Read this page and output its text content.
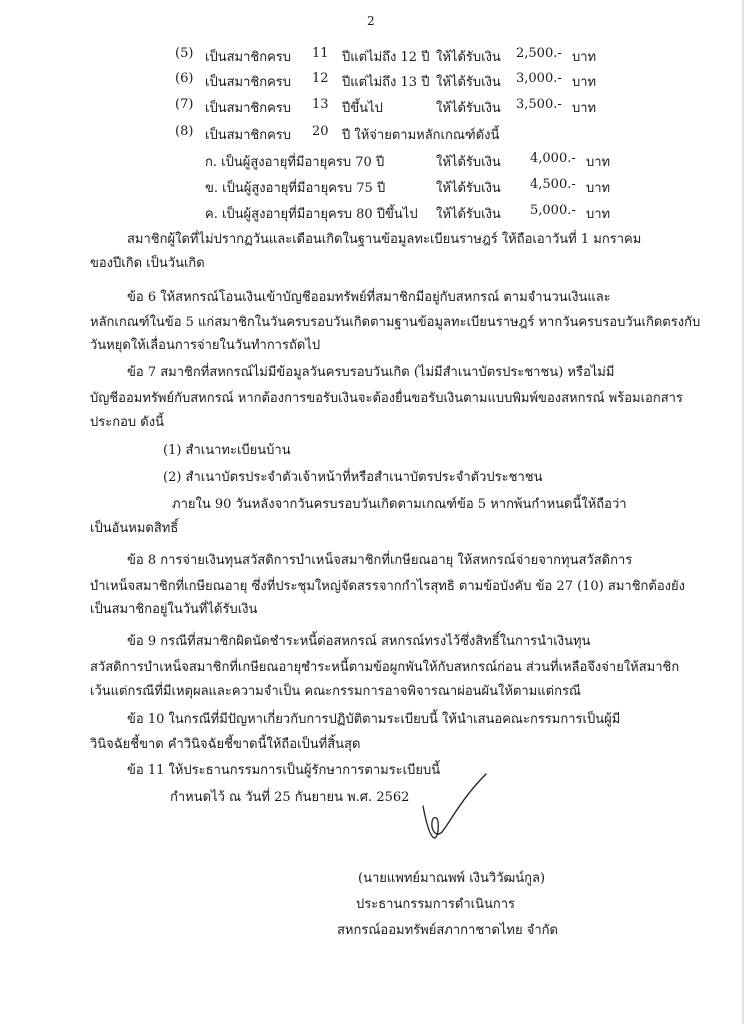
2
(5) เป็นสมาชิกครบ 11 ปีแต่ไม่ถึง 12 ปี ให้ได้รับเงิน 2,500.- บาท
(6) เป็นสมาชิกครบ 12 ปีแต่ไม่ถึง 13 ปี ให้ได้รับเงิน 3,000.- บาท
(7) เป็นสมาชิกครบ 13 ปีขึ้นไป	ให้ได้รับเงิน 3,500.- บาท
(8) เป็นสมาชิกครบ 20 ปี ให้จ่ายตามหลักเกณฑ์ดังนี้
ก. เป็นผู้สูงอายุที่มีอายุครบ 70 ปี	ให้ได้รับเงิน 4,000.- บาท
ข. เป็นผู้สูงอายุที่มีอายุครบ 75 ปี	ให้ได้รับเงิน 4,500.- บาท
ค. เป็นผู้สูงอายุที่มีอายุครบ 80 ปีขึ้นไป ให้ได้รับเงิน 5,000.- บาท
สมาชิกผู้ใดที่ไม่ปรากฏวันและเดือนเกิดในฐานข้อมูลทะเบียนราษฎร์ ให้ถือเอาวันที่ 1 มกราคม
ของปีเกิด เป็นวันเกิด
ข้อ 6 ให้สหกรณ์โอนเงินเข้าบัญชีออมทรัพย์ที่สมาชิกมีอยู่กับสหกรณ์ ตามจำนวนเงินและ
หลักเกณฑ์ในข้อ 5 แก่สมาชิกในวันครบรอบวันเกิดตามฐานข้อมูลทะเบียนราษฎร์ หากวันครบรอบวันเกิดตรงกับ
วันหยุดให้เลื่อนการจ่ายในวันทำการถัดไป
ข้อ 7 สมาชิกที่สหกรณ์ไม่มีข้อมูลวันครบรอบวันเกิด (ไม่มีสำเนาบัตรประชาชน) หรือไม่มี
บัญชีออมทรัพย์กับสหกรณ์ หากต้องการขอรับเงินจะต้องยื่นขอรับเงินตามแบบพิมพ์ของสหกรณ์ พร้อมเอกสาร
ประกอบ ดังนี้
(1) สำเนาทะเบียนบ้าน
(2) สำเนาบัตรประจำตัวเจ้าหน้าที่หรือสำเนาบัตรประจำตัวประชาชน
ภายใน 90 วันหลังจากวันครบรอบวันเกิดตามเกณฑ์ข้อ 5 หากพ้นกำหนดนี้ให้ถือว่า
เป็นอันหมดสิทธิ์
ข้อ 8 การจ่ายเงินทุนสวัสดิการบำเหน็จสมาชิกที่เกษียณอายุ ให้สหกรณ์จ่ายจากทุนสวัสดิการ
บำเหน็จสมาชิกที่เกษียณอายุ ซึ่งที่ประชุมใหญ่จัดสรรจากกำไรสุทธิ ตามข้อบังคับ ข้อ 27 (10) สมาชิกต้องยัง
เป็นสมาชิกอยู่ในวันที่ได้รับเงิน
ข้อ 9 กรณีที่สมาชิกผิดนัดชำระหนี้ต่อสหกรณ์ สหกรณ์ทรงไว้ซึ่งสิทธิ์ในการนำเงินทุน
สวัสดิการบำเหน็จสมาชิกที่เกษียณอายุชำระหนี้ตามข้อผูกพันให้กับสหกรณ์ก่อน ส่วนที่เหลือจึงจ่ายให้สมาชิก
เว้นแต่กรณีที่มีเหตุผลและความจำเป็น คณะกรรมการอาจพิจารณาผ่อนผันให้ตามแต่กรณี
ข้อ 10 ในกรณีที่มีปัญหาเกี่ยวกับการปฏิบัติตามระเบียบนี้ ให้นำเสนอคณะกรรมการเป็นผู้มี
วินิจฉัยชี้ขาด คำวินิจฉัยชี้ขาดนี้ให้ถือเป็นที่สิ้นสุด
ข้อ 11 ให้ประธานกรรมการเป็นผู้รักษาการตามระเบียบนี้
กำหนดไว้ ณ วันที่ 25 กันยายน พ.ศ. 2562
(นายแพทย์มาณพพ์ เงินวิวัฒน์กูล)
ประธานกรรมการดำเนินการ
สหกรณ์ออมทรัพย์สภากาชาดไทย จำกัด
